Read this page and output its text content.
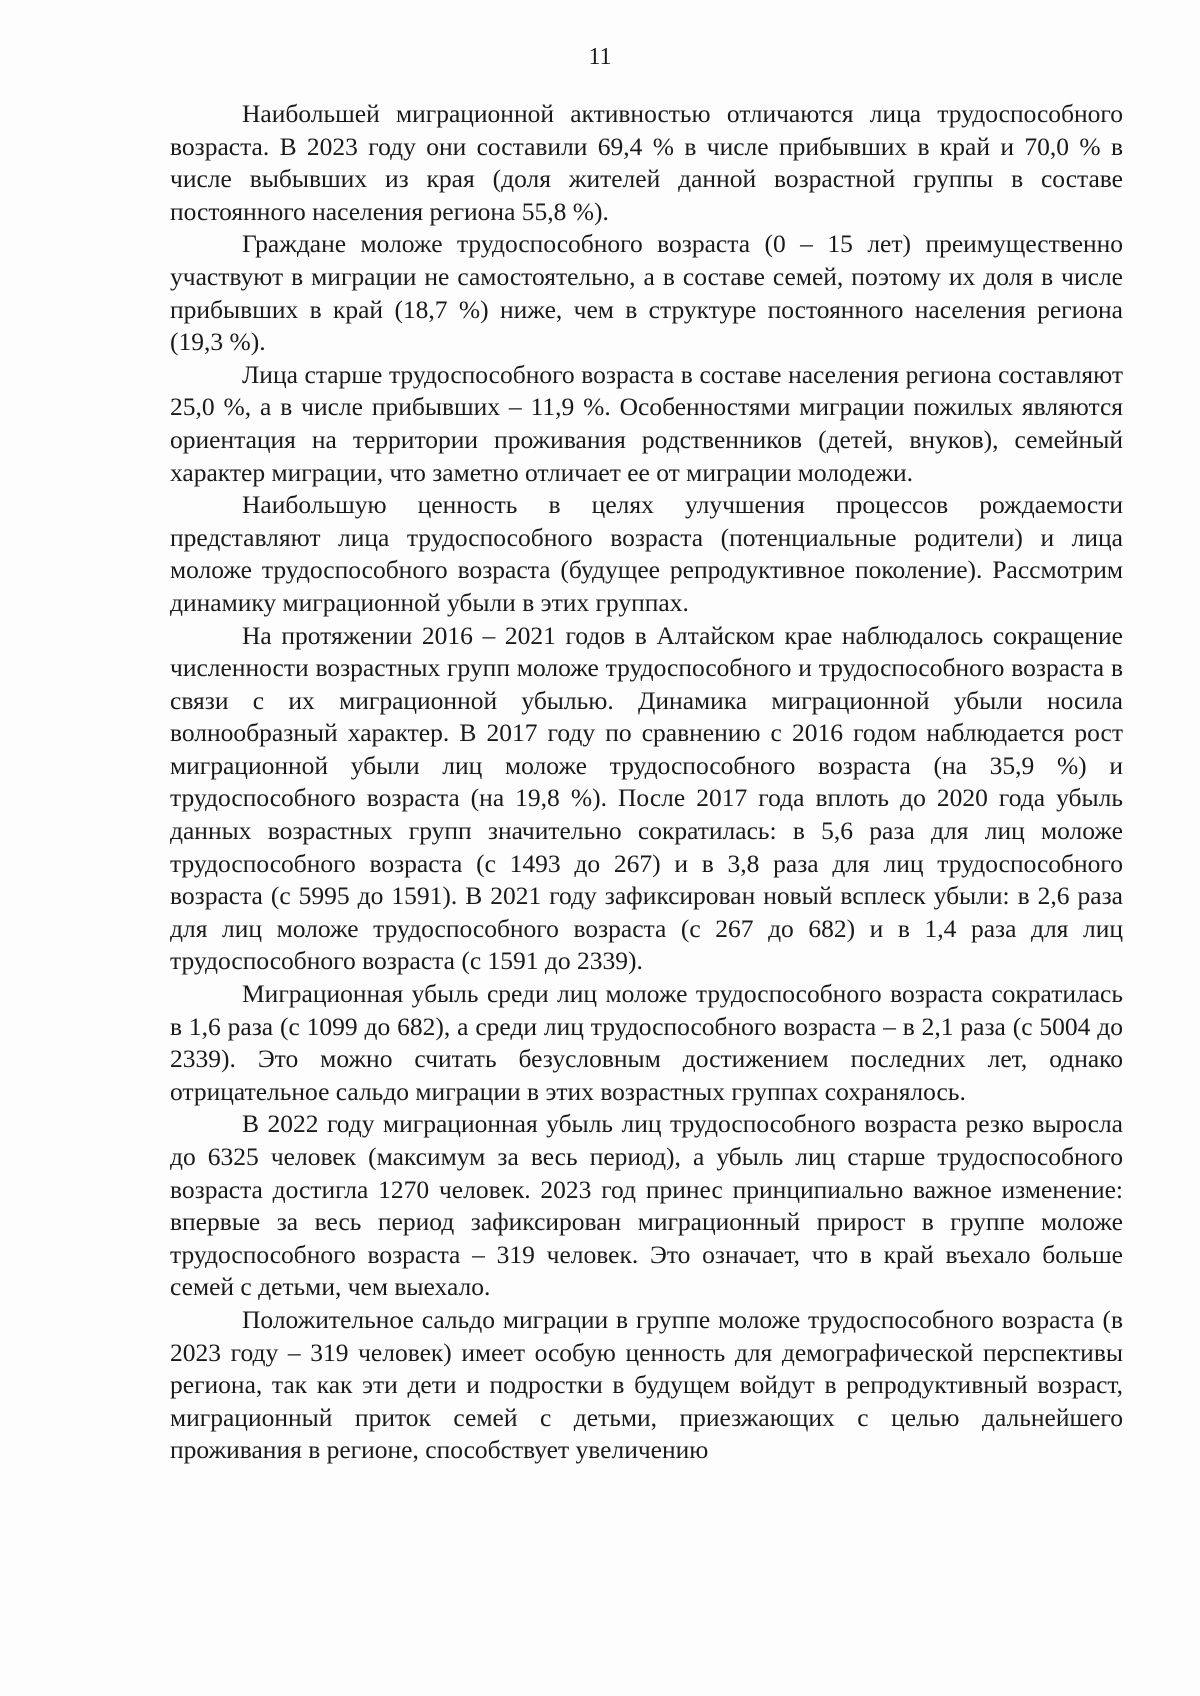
11

Наибольшей миграционной активностью отличаются лица трудоспособного возраста. В 2023 году они составили 69,4 % в числе прибывших в край и 70,0 % в числе выбывших из края (доля жителей данной возрастной группы в составе постоянного населения региона 55,8 %).

Граждане моложе трудоспособного возраста (0 – 15 лет) преимущественно участвуют в миграции не самостоятельно, а в составе семей, поэтому их доля в числе прибывших в край (18,7 %) ниже, чем в структуре постоянного населения региона (19,3 %).

Лица старше трудоспособного возраста в составе населения региона составляют 25,0 %, а в числе прибывших – 11,9 %. Особенностями миграции пожилых являются ориентация на территории проживания родственников (детей, внуков), семейный характер миграции, что заметно отличает ее от миграции молодежи.

Наибольшую ценность в целях улучшения процессов рождаемости представляют лица трудоспособного возраста (потенциальные родители) и лица моложе трудоспособного возраста (будущее репродуктивное поколение). Рассмотрим динамику миграционной убыли в этих группах.

На протяжении 2016 – 2021 годов в Алтайском крае наблюдалось сокращение численности возрастных групп моложе трудоспособного и трудоспособного возраста в связи с их миграционной убылью. Динамика миграционной убыли носила волнообразный характер. В 2017 году по сравнению с 2016 годом наблюдается рост миграционной убыли лиц моложе трудоспособного возраста (на 35,9 %) и трудоспособного возраста (на 19,8 %). После 2017 года вплоть до 2020 года убыль данных возрастных групп значительно сократилась: в 5,6 раза для лиц моложе трудоспособного возраста (с 1493 до 267) и в 3,8 раза для лиц трудоспособного возраста (с 5995 до 1591). В 2021 году зафиксирован новый всплеск убыли: в 2,6 раза для лиц моложе трудоспособного возраста (с 267 до 682) и в 1,4 раза для лиц трудоспособного возраста (с 1591 до 2339).

Миграционная убыль среди лиц моложе трудоспособного возраста сократилась в 1,6 раза (с 1099 до 682), а среди лиц трудоспособного возраста – в 2,1 раза (с 5004 до 2339). Это можно считать безусловным достижением последних лет, однако отрицательное сальдо миграции в этих возрастных группах сохранялось.

В 2022 году миграционная убыль лиц трудоспособного возраста резко выросла до 6325 человек (максимум за весь период), а убыль лиц старше трудоспособного возраста достигла 1270 человек. 2023 год принес принципиально важное изменение: впервые за весь период зафиксирован миграционный прирост в группе моложе трудоспособного возраста – 319 человек. Это означает, что в край въехало больше семей с детьми, чем выехало.

Положительное сальдо миграции в группе моложе трудоспособного возраста (в 2023 году – 319 человек) имеет особую ценность для демографической перспективы региона, так как эти дети и подростки в будущем войдут в репродуктивный возраст, миграционный приток семей с детьми, приезжающих с целью дальнейшего проживания в регионе, способствует увеличению
